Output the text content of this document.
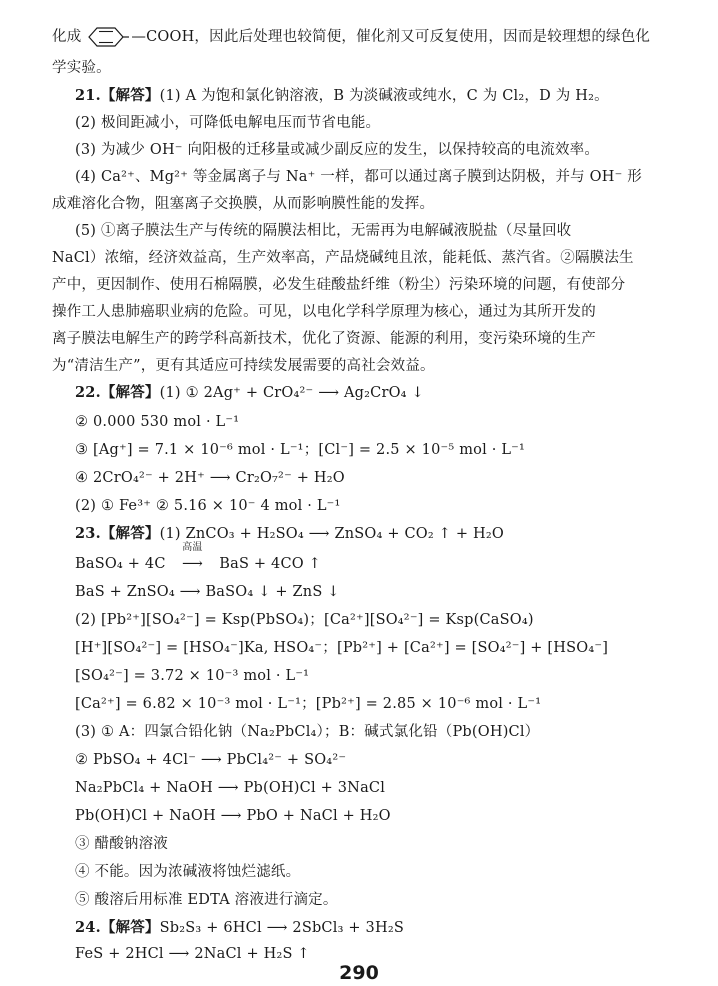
化成	—COOH，因此后处理也较简便，催化剂又可反复使用，因而是较理想的绿色化
学实验。
21.【解答】(1) A 为饱和氯化钠溶液，B 为淡碱液或纯水，C 为 Cl₂，D 为 H₂。
(2) 极间距减小，可降低电解电压而节省电能。
(3) 为减少 OH⁻ 向阳极的迁移量或减少副反应的发生，以保持较高的电流效率。
(4) Ca²⁺、Mg²⁺ 等金属离子与 Na⁺ 一样，都可以通过离子膜到达阴极，并与 OH⁻ 形
成难溶化合物，阻塞离子交换膜，从而影响膜性能的发挥。
(5) ①离子膜法生产与传统的隔膜法相比，无需再为电解碱液脱盐（尽量回收
NaCl）浓缩，经济效益高，生产效率高，产品烧碱纯且浓，能耗低、蒸汽省。②隔膜法生
产中，更因制作、使用石棉隔膜，必发生硅酸盐纤维（粉尘）污染环境的问题，有使部分
操作工人患肺癌职业病的危险。可见，以电化学科学原理为核心，通过为其所开发的
离子膜法电解生产的跨学科高新技术，优化了资源、能源的利用，变污染环境的生产
为“清洁生产”，更有其适应可持续发展需要的高社会效益。
22.【解答】(1) ① 2Ag⁺ + CrO₄²⁻ ⟶ Ag₂CrO₄ ↓
② 0.000 530 mol · L⁻¹
③ [Ag⁺] = 7.1 × 10⁻⁶ mol · L⁻¹；[Cl⁻] = 2.5 × 10⁻⁵ mol · L⁻¹
④ 2CrO₄²⁻ + 2H⁺ ⟶ Cr₂O₇²⁻ + H₂O
(2) ① Fe³⁺ ② 5.16 × 10⁻ 4 mol · L⁻¹
23.【解答】(1) ZnCO₃ + H₂SO₄ ⟶ ZnSO₄ + CO₂ ↑ + H₂O
BaSO₄ + 4C
高温
⟶ BaS + 4CO ↑
BaS + ZnSO₄ ⟶ BaSO₄ ↓ + ZnS ↓
(2) [Pb²⁺][SO₄²⁻] = Ksp(PbSO₄)；[Ca²⁺][SO₄²⁻] = Ksp(CaSO₄)
[H⁺][SO₄²⁻] = [HSO₄⁻]Ka, HSO₄⁻；[Pb²⁺] + [Ca²⁺] = [SO₄²⁻] + [HSO₄⁻]
[SO₄²⁻] = 3.72 × 10⁻³ mol · L⁻¹
[Ca²⁺] = 6.82 × 10⁻³ mol · L⁻¹；[Pb²⁺] = 2.85 × 10⁻⁶ mol · L⁻¹
(3) ① A：四氯合铅化钠（Na₂PbCl₄）；B：碱式氯化铅（Pb(OH)Cl）
② PbSO₄ + 4Cl⁻ ⟶ PbCl₄²⁻ + SO₄²⁻
Na₂PbCl₄ + NaOH ⟶ Pb(OH)Cl + 3NaCl
Pb(OH)Cl + NaOH ⟶ PbO + NaCl + H₂O
③ 醋酸钠溶液
④ 不能。因为浓碱液将蚀烂滤纸。
⑤ 酸溶后用标准 EDTA 溶液进行滴定。
24.【解答】Sb₂S₃ + 6HCl ⟶ 2SbCl₃ + 3H₂S
FeS + 2HCl ⟶ 2NaCl + H₂S ↑
290
